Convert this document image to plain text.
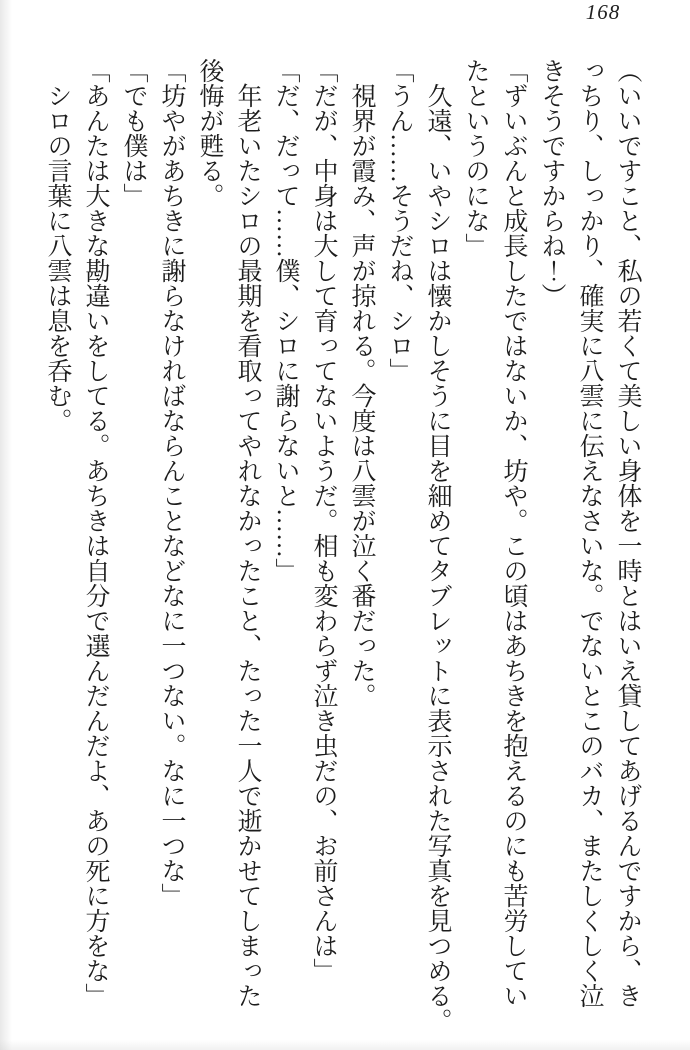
168

（いいですこと、私の若くて美しい身体を一時とはいえ貸してあげるんですから、き

っちり、しっかり、確実に八雲に伝えなさいな。でないとこのバカ、またしくしく泣

きそうですからね！）

「ずいぶんと成長したではないか、坊や。この頃はあちきを抱えるのにも苦労してい

たというのにな」

久遠、いやシロは懐かしそうに目を細めてタブレットに表示された写真を見つめる。

「うん……そうだね、シロ」

視界が霞み、声が掠れる。今度は八雲が泣く番だった。

「だが、中身は大して育ってないようだ。相も変わらず泣き虫だの、お前さんは」

「だ、だって……僕、シロに謝らないと……」

年老いたシロの最期を看取ってやれなかったこと、たった一人で逝かせてしまった

後悔が甦る。

「坊やがあちきに謝らなければならんことなどなに一つない。なに一つな」

「でも僕は」

「あんたは大きな勘違いをしてる。あちきは自分で選んだんだよ、あの死に方をな」

シロの言葉に八雲は息を呑む。
